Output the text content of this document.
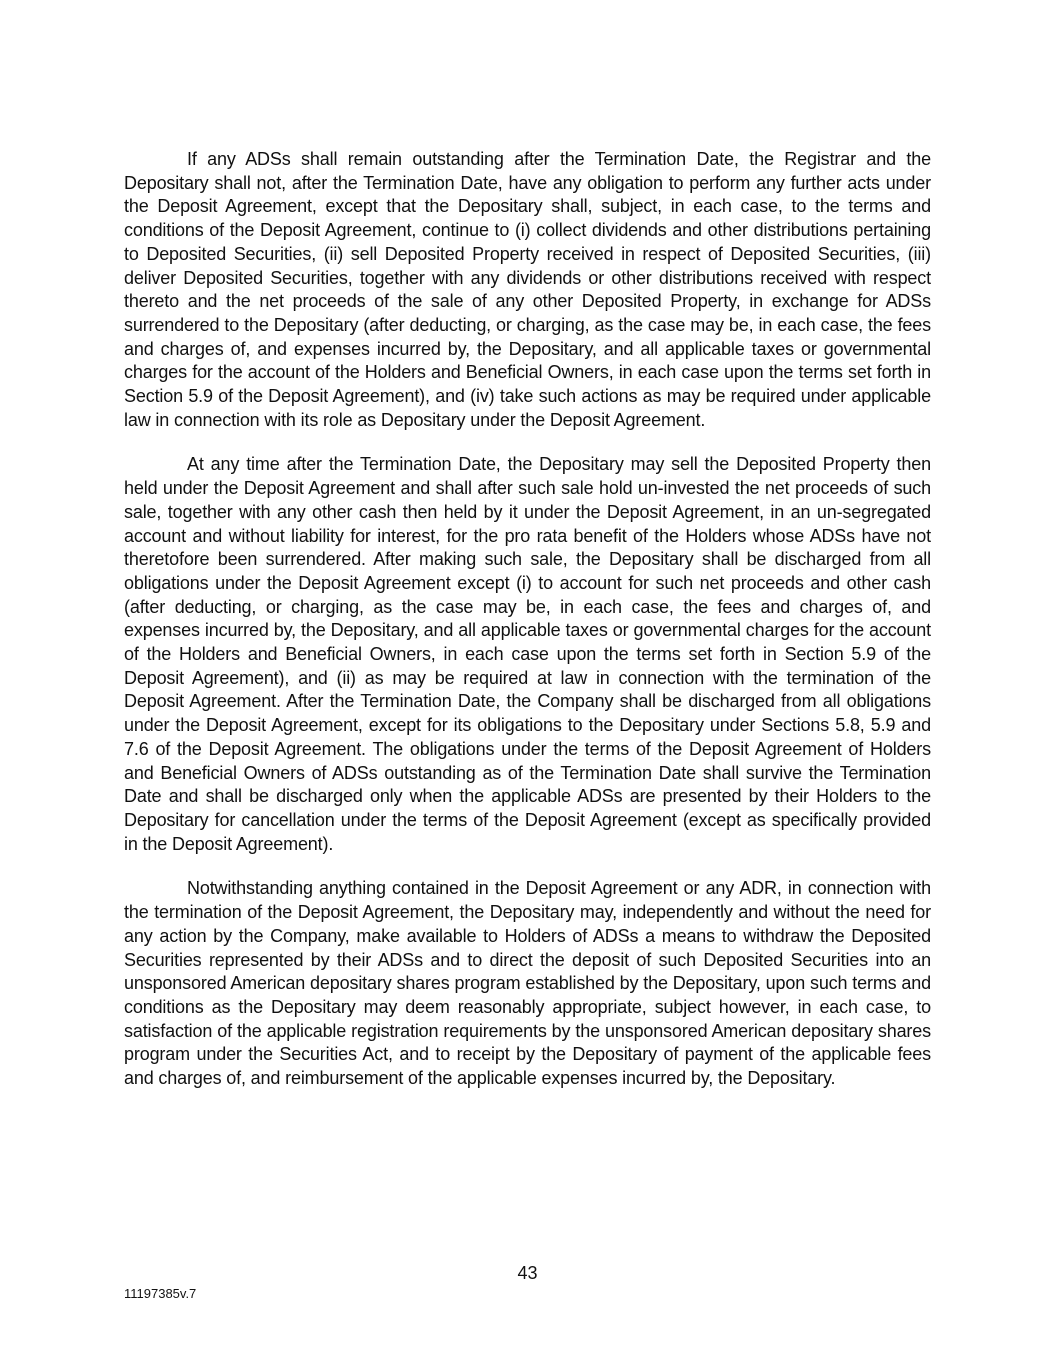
If any ADSs shall remain outstanding after the Termination Date, the Registrar and the Depositary shall not, after the Termination Date, have any obligation to perform any further acts under the Deposit Agreement, except that the Depositary shall, subject, in each case, to the terms and conditions of the Deposit Agreement, continue to (i) collect dividends and other distributions pertaining to Deposited Securities, (ii) sell Deposited Property received in respect of Deposited Securities, (iii) deliver Deposited Securities, together with any dividends or other distributions received with respect thereto and the net proceeds of the sale of any other Deposited Property, in exchange for ADSs surrendered to the Depositary (after deducting, or charging, as the case may be, in each case, the fees and charges of, and expenses incurred by, the Depositary, and all applicable taxes or governmental charges for the account of the Holders and Beneficial Owners, in each case upon the terms set forth in Section 5.9 of the Deposit Agreement), and (iv) take such actions as may be required under applicable law in connection with its role as Depositary under the Deposit Agreement.

At any time after the Termination Date, the Depositary may sell the Deposited Property then held under the Deposit Agreement and shall after such sale hold un-invested the net proceeds of such sale, together with any other cash then held by it under the Deposit Agreement, in an un-segregated account and without liability for interest, for the pro rata benefit of the Holders whose ADSs have not theretofore been surrendered. After making such sale, the Depositary shall be discharged from all obligations under the Deposit Agreement except (i) to account for such net proceeds and other cash (after deducting, or charging, as the case may be, in each case, the fees and charges of, and expenses incurred by, the Depositary, and all applicable taxes or governmental charges for the account of the Holders and Beneficial Owners, in each case upon the terms set forth in Section 5.9 of the Deposit Agreement), and (ii) as may be required at law in connection with the termination of the Deposit Agreement. After the Termination Date, the Company shall be discharged from all obligations under the Deposit Agreement, except for its obligations to the Depositary under Sections 5.8, 5.9 and 7.6 of the Deposit Agreement. The obligations under the terms of the Deposit Agreement of Holders and Beneficial Owners of ADSs outstanding as of the Termination Date shall survive the Termination Date and shall be discharged only when the applicable ADSs are presented by their Holders to the Depositary for cancellation under the terms of the Deposit Agreement (except as specifically provided in the Deposit Agreement).

Notwithstanding anything contained in the Deposit Agreement or any ADR, in connection with the termination of the Deposit Agreement, the Depositary may, independently and without the need for any action by the Company, make available to Holders of ADSs a means to withdraw the Deposited Securities represented by their ADSs and to direct the deposit of such Deposited Securities into an unsponsored American depositary shares program established by the Depositary, upon such terms and conditions as the Depositary may deem reasonably appropriate, subject however, in each case, to satisfaction of the applicable registration requirements by the unsponsored American depositary shares program under the Securities Act, and to receipt by the Depositary of payment of the applicable fees and charges of, and reimbursement of the applicable expenses incurred by, the Depositary.

43
11197385v.7
